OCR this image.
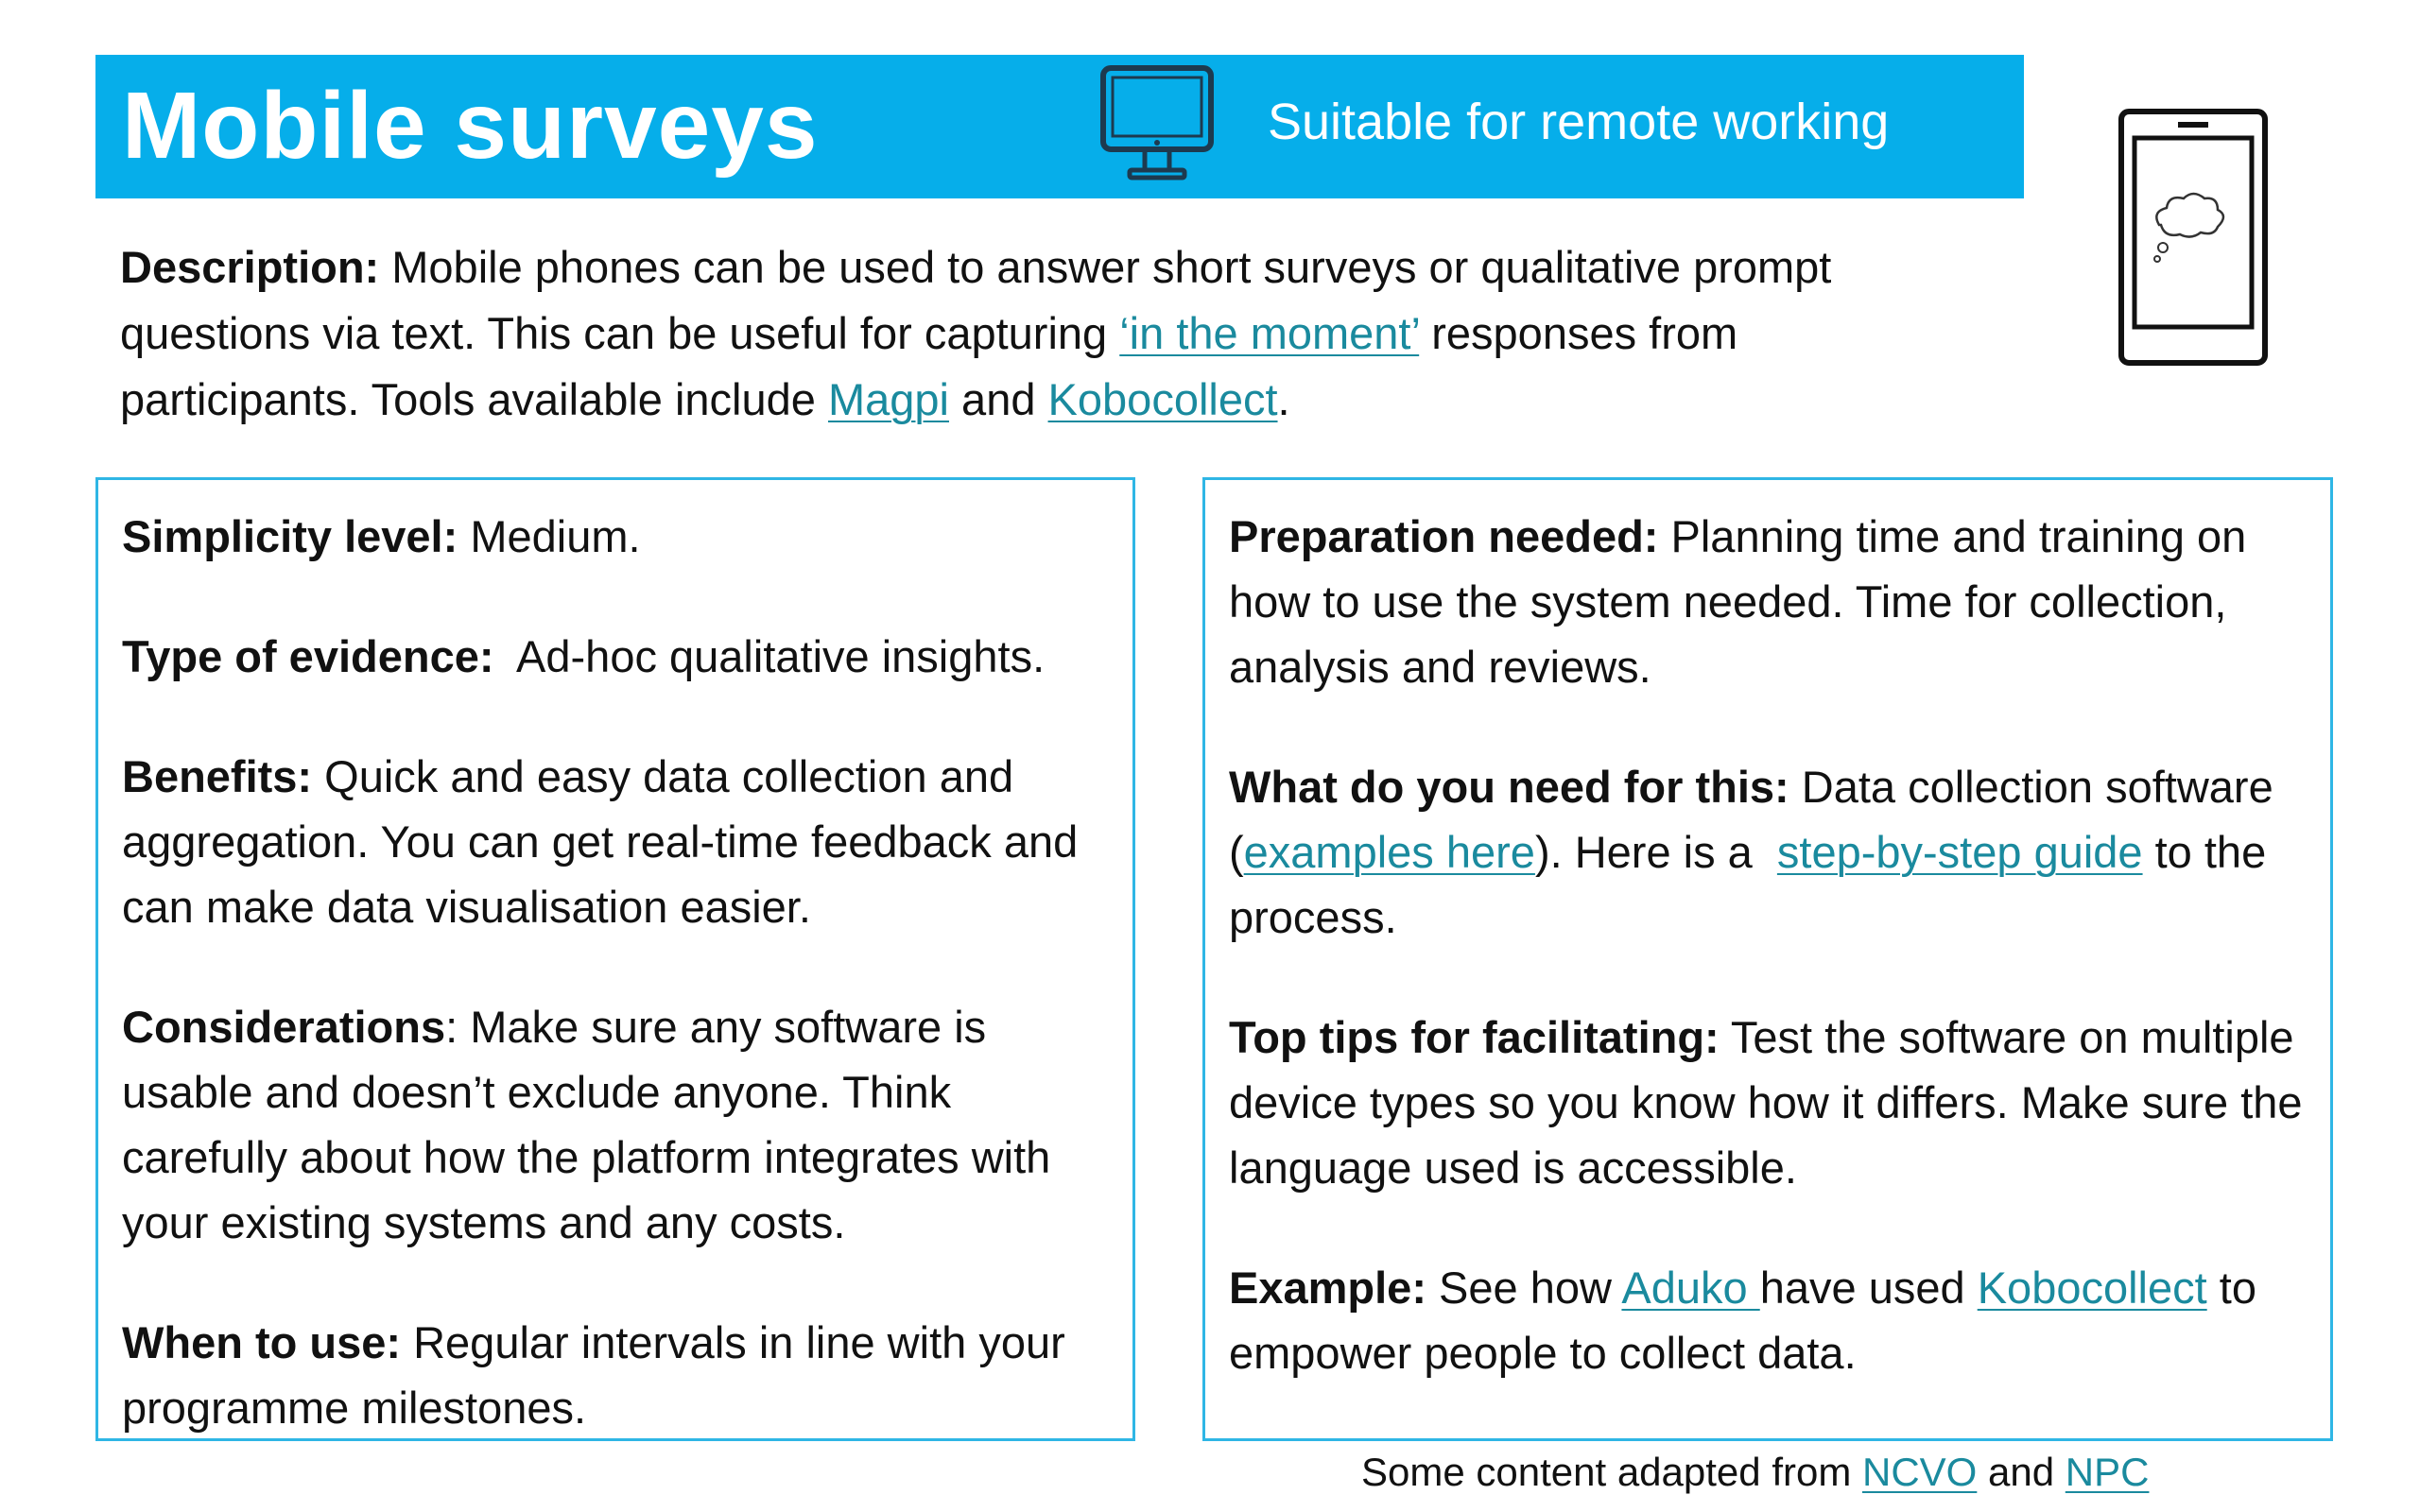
Mobile surveys	Suitable for remote working
Description: Mobile phones can be used to answer short surveys or qualitative prompt questions via text. This can be useful for capturing ‘in the moment’ responses from participants. Tools available include Magpi and Kobocollect.

Simplicity level: Medium.

Type of evidence:  Ad-hoc qualitative insights.

Benefits: Quick and easy data collection and aggregation. You can get real-time feedback and can make data visualisation easier.

Considerations: Make sure any software is usable and doesn’t exclude anyone. Think carefully about how the platform integrates with your existing systems and any costs.

When to use: Regular intervals in line with your programme milestones.

Preparation needed: Planning time and training on how to use the system needed. Time for collection, analysis and reviews.

What do you need for this: Data collection software (examples here). Here is a  step-by-step guide to the process.

Top tips for facilitating: Test the software on multiple device types so you know how it differs. Make sure the language used is accessible.

Example: See how Aduko have used Kobocollect to empower people to collect data.

Some content adapted from NCVO and NPC
